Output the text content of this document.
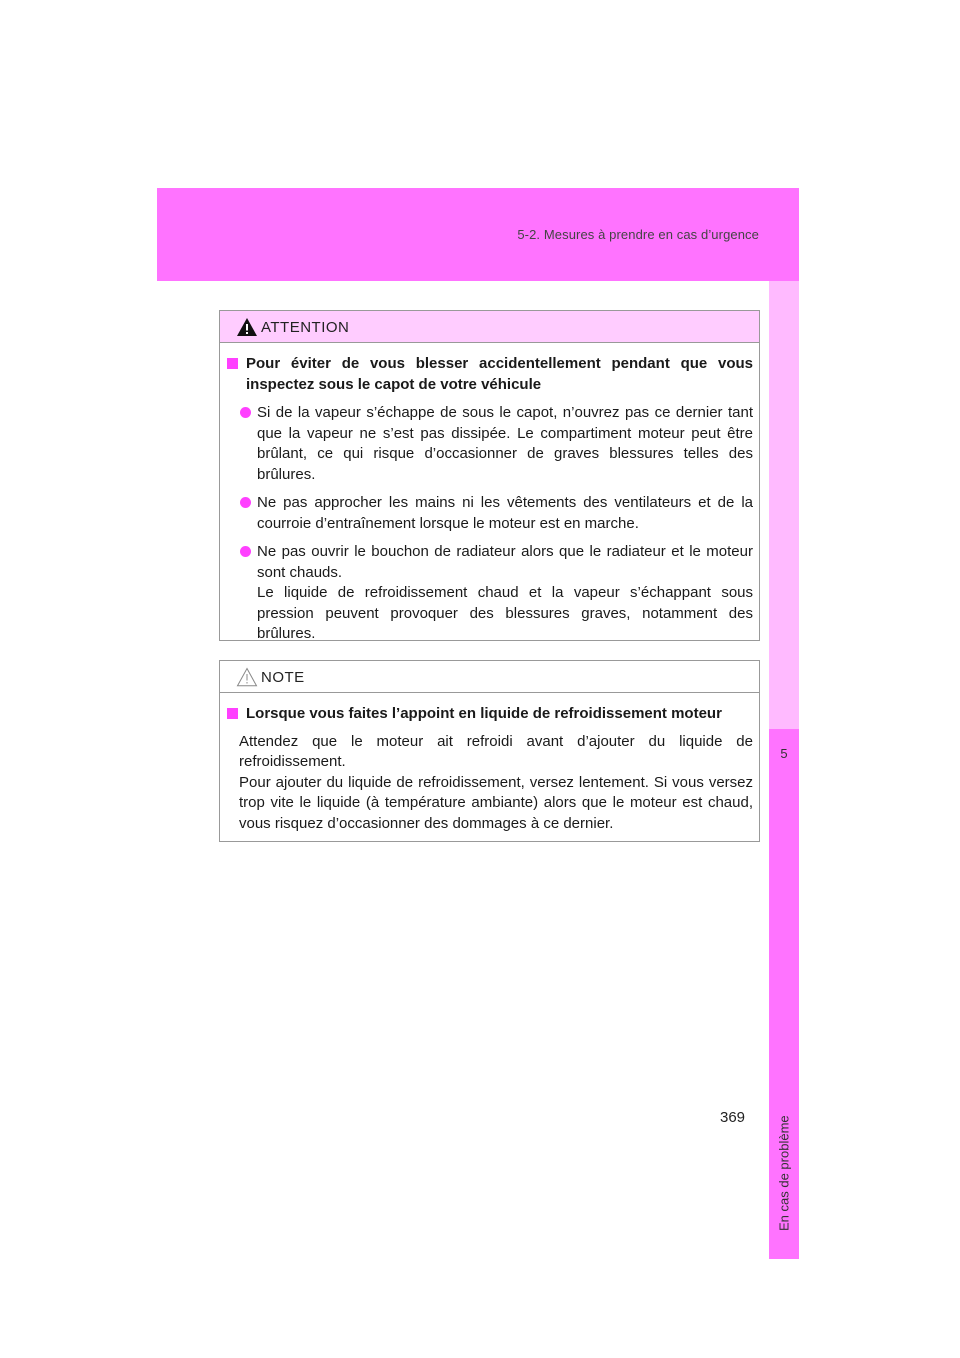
5-2. Mesures à prendre en cas d’urgence
5
En cas de problème
ATTENTION
Pour éviter de vous blesser accidentellement pendant que vous inspectez sous le capot de votre véhicule
Si de la vapeur s’échappe de sous le capot, n’ouvrez pas ce dernier tant que la vapeur ne s’est pas dissipée. Le compartiment moteur peut être brûlant, ce qui risque d’occasionner de graves blessures telles des brûlures.
Ne pas approcher les mains ni les vêtements des ventilateurs et de la courroie d’entraînement lorsque le moteur est en marche.
Ne pas ouvrir le bouchon de radiateur alors que le radiateur et le moteur sont chauds.
Le liquide de refroidissement chaud et la vapeur s’échappant sous pression peuvent provoquer des blessures graves, notamment des brûlures.
NOTE
Lorsque vous faites l’appoint en liquide de refroidissement moteur
Attendez que le moteur ait refroidi avant d’ajouter du liquide de refroidissement.
Pour ajouter du liquide de refroidissement, versez lentement. Si vous versez trop vite le liquide (à température ambiante) alors que le moteur est chaud, vous risquez d’occasionner des dommages à ce dernier.
369
